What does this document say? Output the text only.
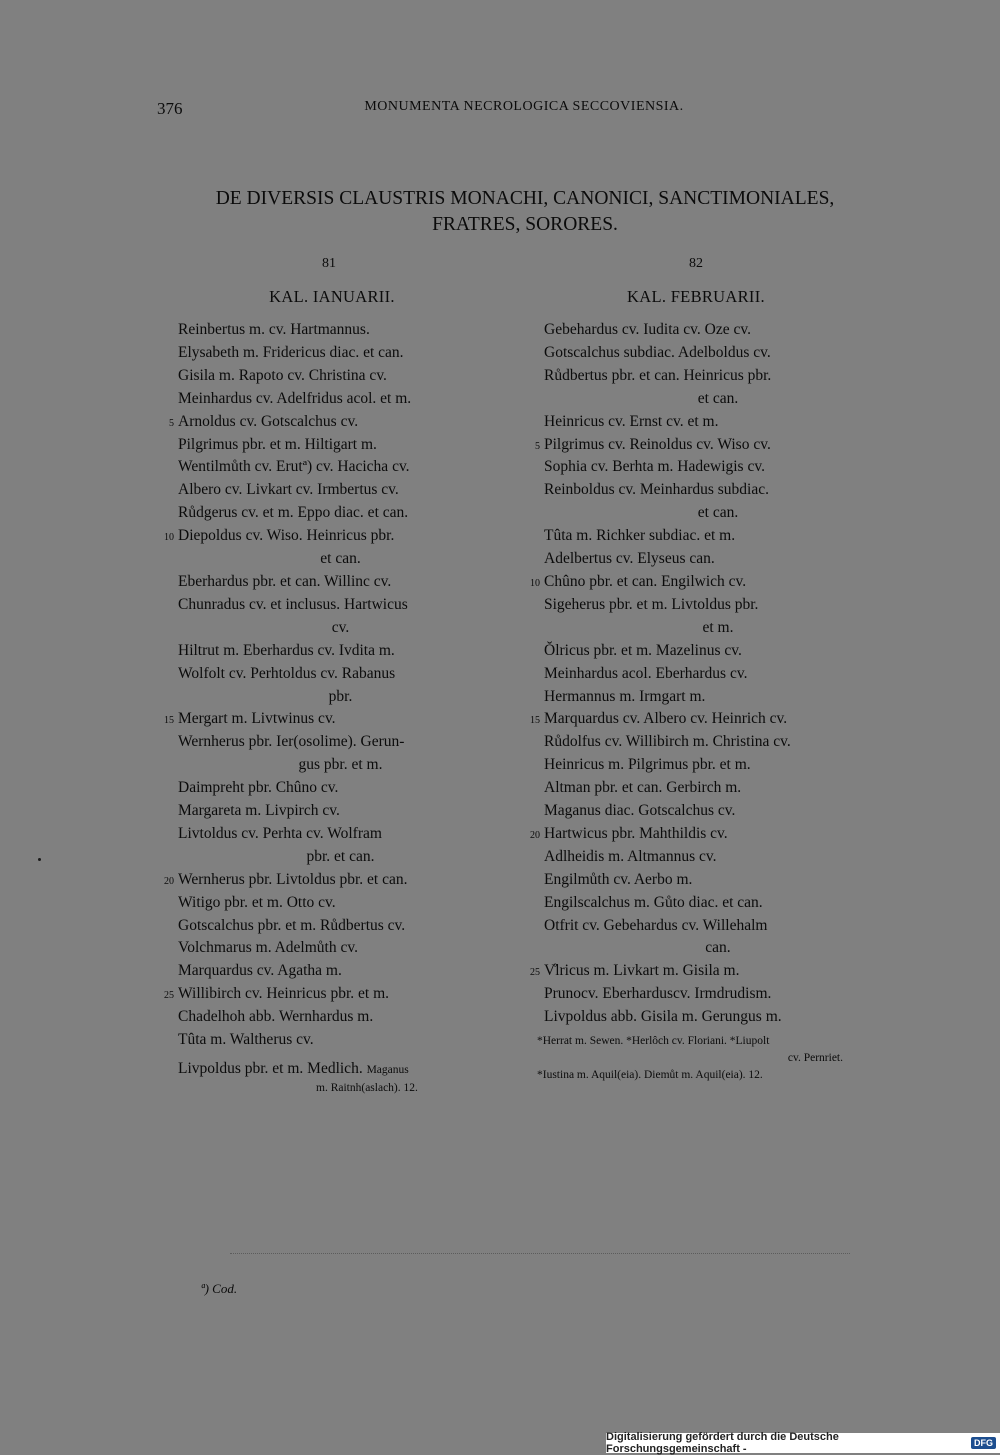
376	MONUMENTA NECROLOGICA SECCOVIENSIA.
DE DIVERSIS CLAUSTRIS MONACHI, CANONICI, SANCTIMONIALES,
FRATRES, SORORES.
81
KAL. IANUARII.
82
KAL. FEBRUARII.
Reinbertus m. cv. Hartmannus.
Elysabeth m. Fridericus diac. et can.
Gisila m. Rapoto cv. Christina cv.
Meinhardus cv. Adelfridus acol. et m.
5 Arnoldus cv. Gotscalchus cv.
Pilgrimus pbr. et m. Hiltigart m.
Wentilmůth cv. Erutª) cv. Hacicha cv.
Albero cv. Livkart cv. Irmbertus cv.
Růdgerus cv. et m. Eppo diac. et can.
10 Diepoldus cv. Wiso. Heinricus pbr.
et can.
Eberhardus pbr. et can. Willinc cv.
Chunradus cv. et inclusus. Hartwicus
cv.
Hiltrut m. Eberhardus cv. Ivdita m.
Wolfolt cv. Perhtoldus cv. Rabanus
pbr.
15 Mergart m. Livtwinus cv.
Wernherus pbr. Ier(osolime). Gerun-
gus pbr. et m.
Daimpreht pbr. Chûno cv.
Margareta m. Livpirch cv.
Livtoldus cv. Perhta cv. Wolfram
pbr. et can.
20 Wernherus pbr. Livtoldus pbr. et can.
Witigo pbr. et m. Otto cv.
Gotscalchus pbr. et m. Růdbertus cv.
Volchmarus m. Adelmůth cv.
Marquardus cv. Agatha m.
25 Willibirch cv. Heinricus pbr. et m.
Chadelhoh abb. Wernhardus m.
Tûta m. Waltherus cv.
Gebehardus cv. Iudita cv. Oze cv.
Gotscalchus subdiac. Adelboldus cv.
Růdbertus pbr. et can. Heinricus pbr.
et can.
Heinricus cv. Ernst cv. et m.
5 Pilgrimus cv. Reinoldus cv. Wiso cv.
Sophia cv. Berhta m. Hadewigis cv.
Reinboldus cv. Meinhardus subdiac.
et can.
Tûta m. Richker subdiac. et m.
Adelbertus cv. Elyseus can.
10 Chûno pbr. et can. Engilwich cv.
Sigeherus pbr. et m. Livtoldus pbr.
et m.
Ŏlricus pbr. et m. Mazelinus cv.
Meinhardus acol. Eberhardus cv.
Hermannus m. Irmgart m.
15 Marquardus cv. Albero cv. Heinrich cv.
Růdolfus cv. Willibirch m. Christina cv.
Heinricus m. Pilgrimus pbr. et m.
Altman pbr. et can. Gerbirch m.
Maganus diac. Gotscalchus cv.
20 Hartwicus pbr. Mahthildis cv.
Adlheidis m. Altmannus cv.
Engilmůth cv. Aerbo m.
Engilscalchus m. Gůto diac. et can.
Otfrit cv. Gebehardus cv. Willehalm
can.
25 V̊lricus m. Livkart m. Gisila m.
Prunocv. Eberharduscv. Irmdrudism.
Livpoldus abb. Gisila m. Gerungus m.
Livpoldus pbr. et m. Medlich. Maganus
m. Raitnh(aslach). 12.
*Herrat m. Sewen. *Herlôch cv. Floriani. *Liupolt
cv. Pernriet.
*Iustina m. Aquil(eia). Diemůt m. Aquil(eia). 12.
ª) Cod.
Digitalisierung gefördert durch die Deutsche Forschungsgemeinschaft -	DFG
